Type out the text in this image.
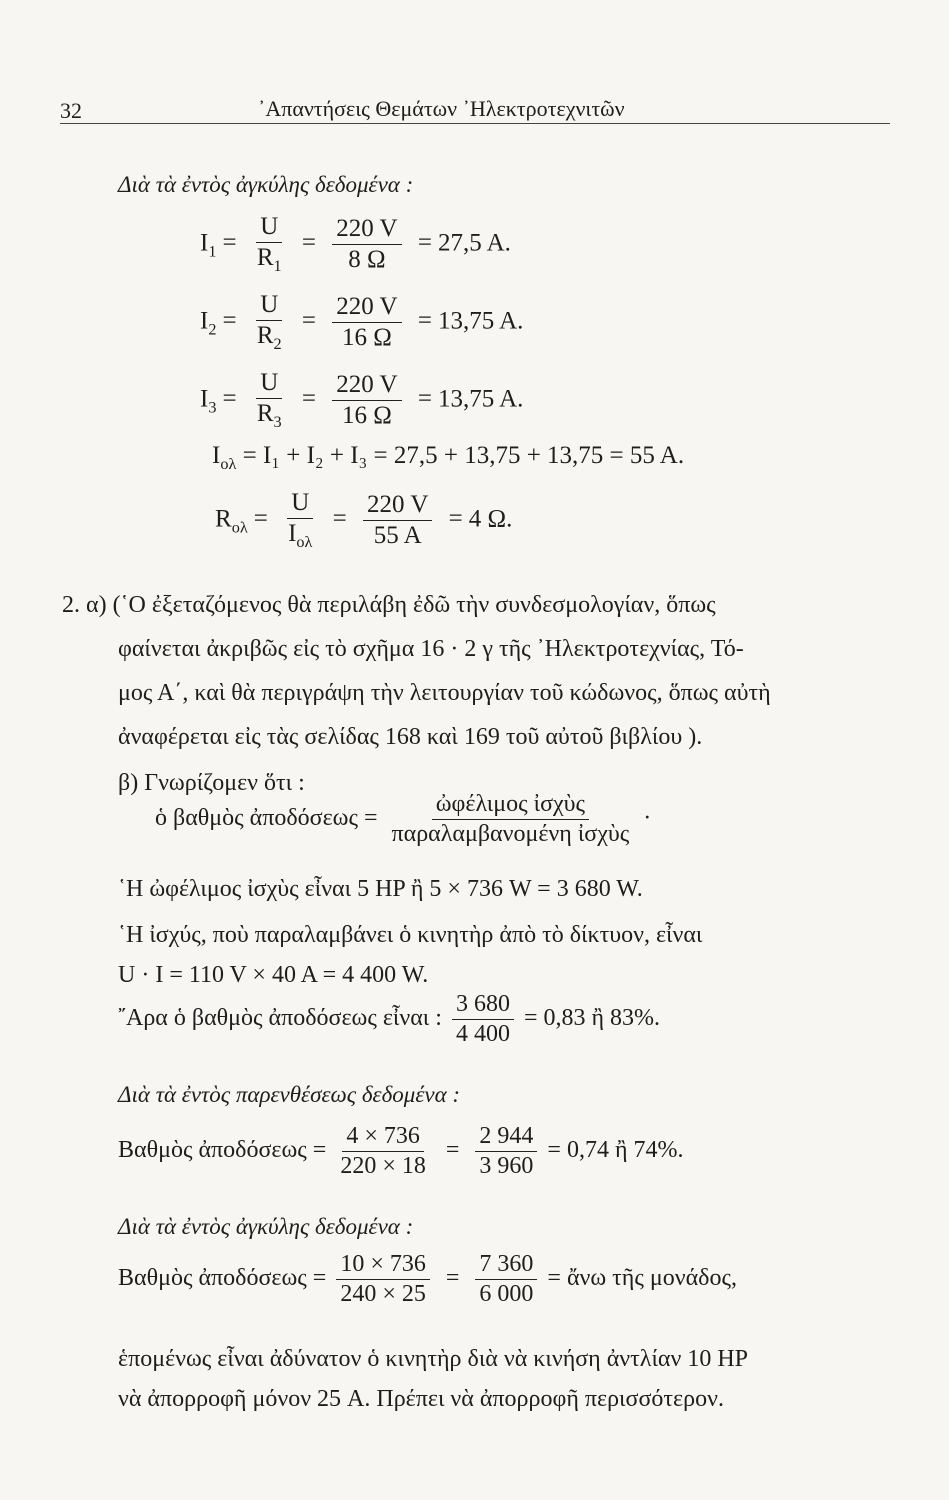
32	᾽Απαντήσεις Θεμάτων ᾽Ηλεκτροτεχνιτῶν
Διὰ τὰ ἐντὸς ἀγκύλης δεδομένα :
$I_1 = \frac{U}{R_1} = \frac{220 V}{8 \Omega} = 27,5$ A.
$I_2 = \frac{U}{R_2} = \frac{220 V}{16 \Omega} = 13,75$ A.
$I_3 = \frac{U}{R_3} = \frac{220 V}{16 \Omega} = 13,75$ A.
$I_{o\lambda} = I_1 + I_2 + I_3 = 27,5 + 13,75 + 13,75 = 55$ A.
$R_{o\lambda} = \frac{U}{I_{o\lambda}} = \frac{220 V}{55 A} = 4$ Ω.
2. α) (῾Ο ἐξεταζόμενος θὰ περιλάβη ἐδῶ τὴν συνδεσμολογίαν, ὅπως
φαίνεται ἀκριβῶς εἰς τὸ σχῆμα 16 · 2 γ τῆς ᾽Ηλεκτροτεχνίας, Τό-
μος Α΄, καὶ θὰ περιγράψη τὴν λειτουργίαν τοῦ κώδωνος, ὅπως αὐτὴ
ἀναφέρεται εἰς τὰς σελίδας 168 καὶ 169 τοῦ αὐτοῦ βιβλίου ).
β) Γνωρίζομεν ὅτι :
ὁ βαθμὸς ἀποδόσεως = $\frac{\text{ὠφέλιμος ἰσχὺς}}{\text{παραλαμβανομένη ἰσχὺς}}$ ·
῾Η ὠφέλιμος ἰσχὺς εἶναι 5 HP ἢ 5 × 736 W = 3 680 W.
῾Η ἰσχύς, ποὺ παραλαμβάνει ὁ κινητὴρ ἀπὸ τὸ δίκτυον, εἶναι
U · I = 110 V × 40 A = 4 400 W.
῎Αρα ὁ βαθμὸς ἀποδόσεως εἶναι : $\frac{3 680}{4 400} = 0,83$ ἢ 83%.
Διὰ τὰ ἐντὸς παρενθέσεως δεδομένα :
Βαθμὸς ἀποδόσεως = $\frac{4 \times 736}{220 \times 18} = \frac{2 944}{3 960} = 0,74$ ἢ 74%.
Διὰ τὰ ἐντὸς ἀγκύλης δεδομένα :
Βαθμὸς ἀποδόσεως = $\frac{10 \times 736}{240 \times 25} = \frac{7 360}{6 000}$ = ἄνω τῆς μονάδος,
ἑπομένως εἶναι ἀδύνατον ὁ κινητὴρ διὰ νὰ κινήση ἀντλίαν 10 HP
νὰ ἀπορροφῆ μόνον 25 A. Πρέπει νὰ ἀπορροφῆ περισσότερον.
